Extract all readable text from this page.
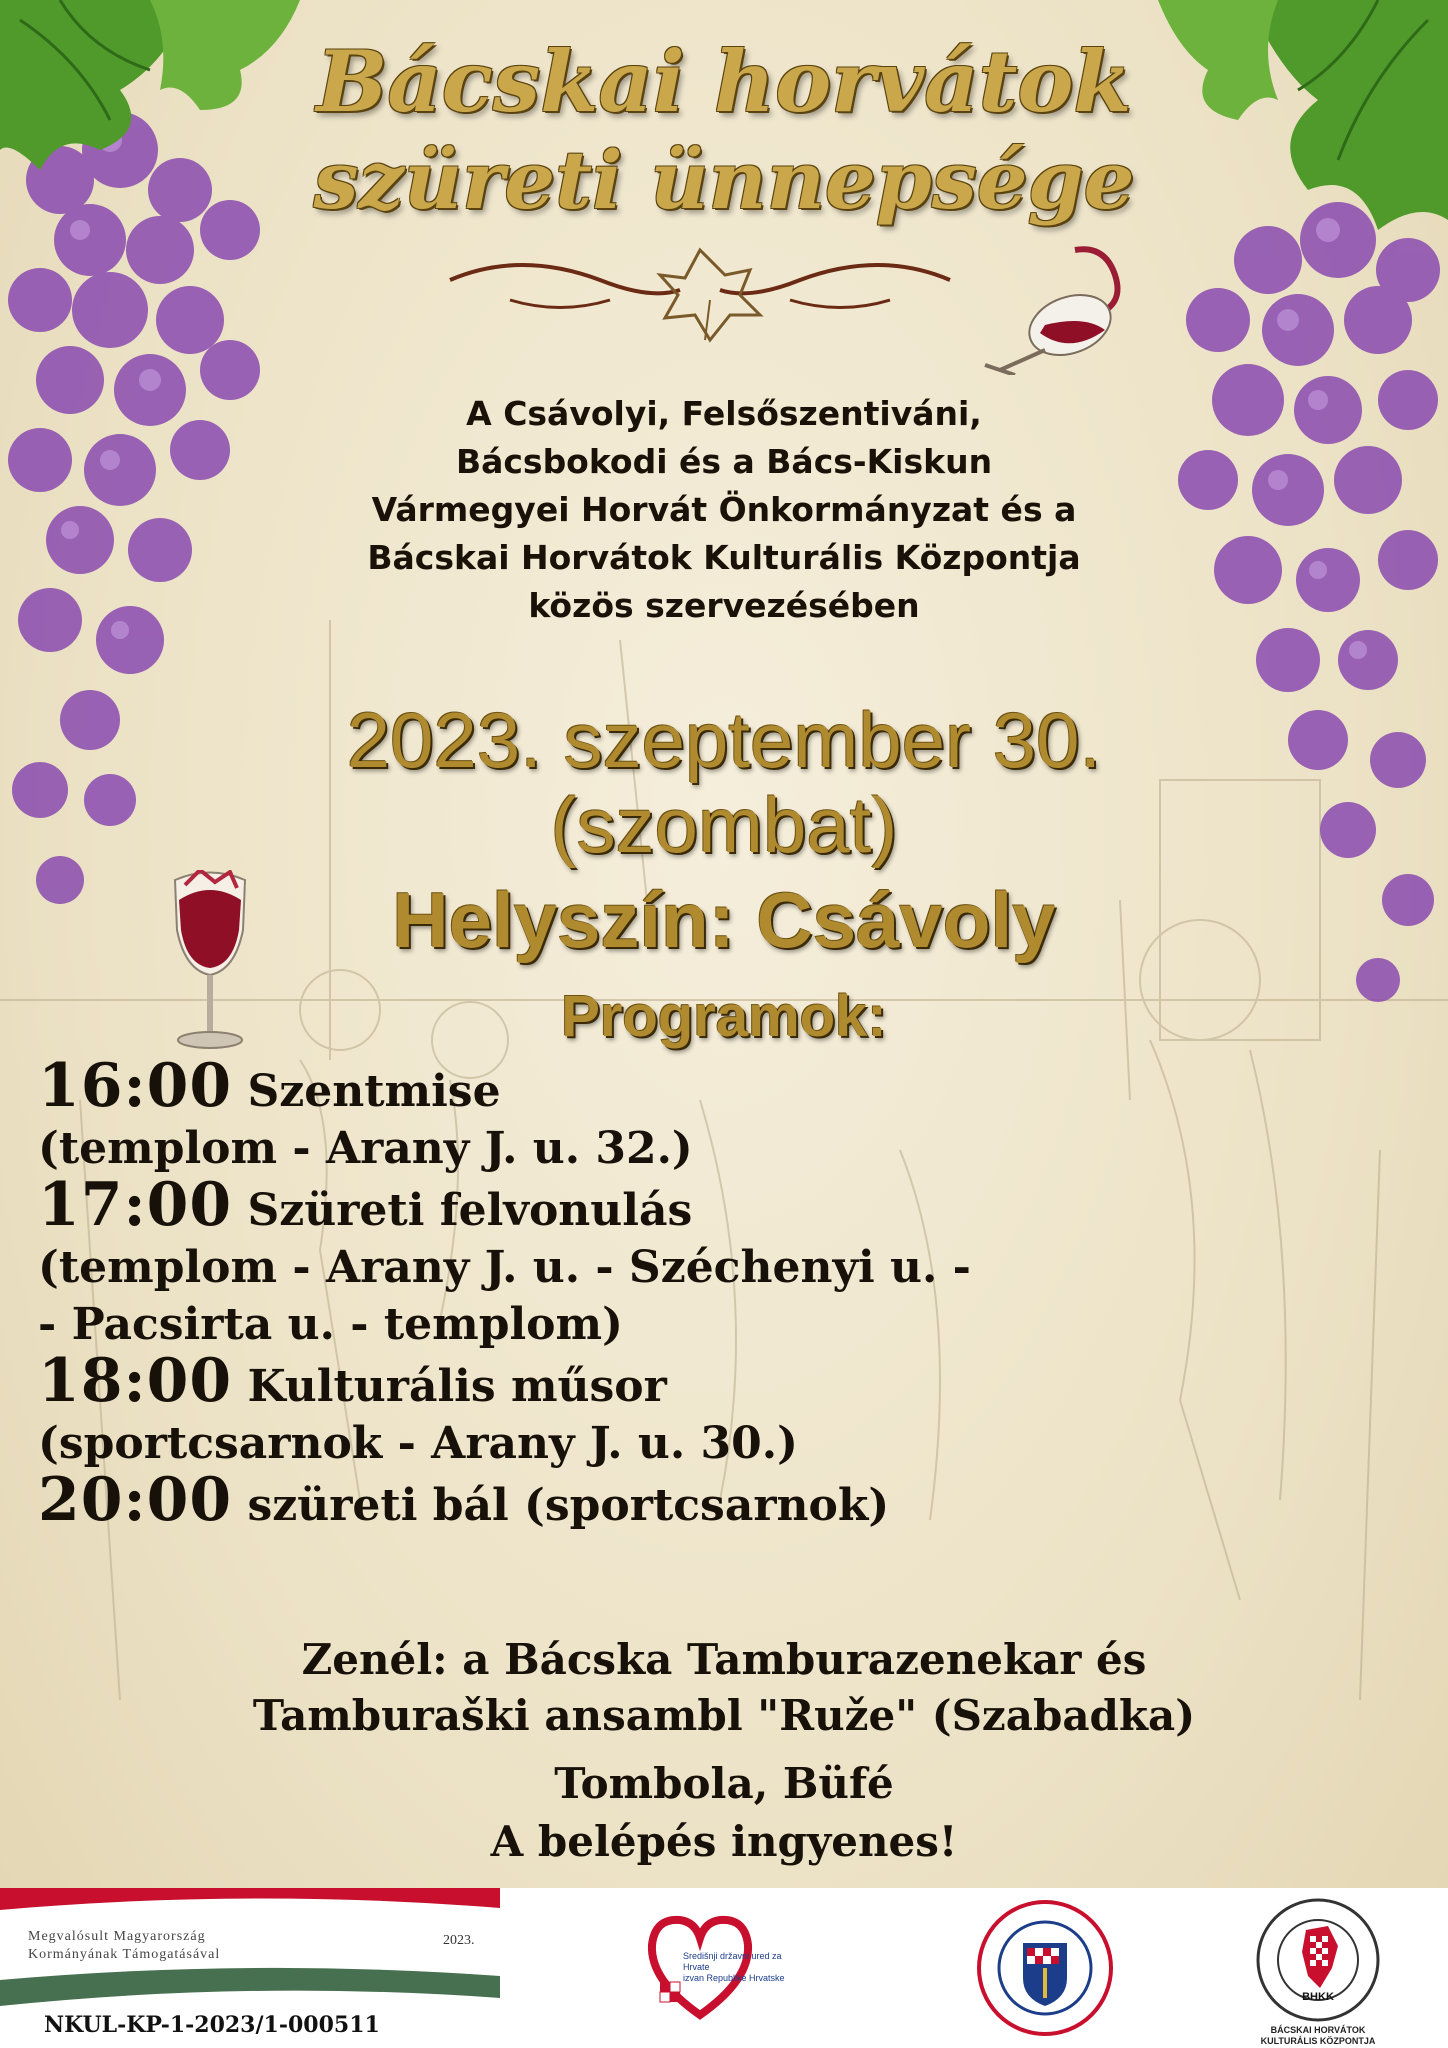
Bácskai horvátok
szüreti ünnepsége
A Csávolyi, Felsőszentiváni,
Bácsbokodi és a Bács-Kiskun
Vármegyei Horvát Önkormányzat és a
Bácskai Horvátok Kulturális Központja
közös szervezésében
2023. szeptember 30.
(szombat)
Helyszín: Csávoly
Programok:

16:00 Szentmise

(templom - Arany J. u. 32.)

17:00 Szüreti felvonulás

(templom - Arany J. u. - Széchenyi u. -

- Pacsirta u. - templom)

18:00 Kulturális műsor

(sportcsarnok - Arany J. u. 30.)

20:00 szüreti bál (sportcsarnok)

Zenél: a Bácska Tamburazenekar és
Tamburaški ansambl "Ruže" (Szabadka)
Tombola, Büfé
A belépés ingyenes!
Megvalósult Magyarország
Kormányának Támogatásával
2023.
NKUL-KP-1-2023/1-000511
Središnji državni ured za Hrvate
izvan Republike Hrvatske
BHKK
BÁCSKAI HORVÁTOK
KULTURÁLIS KÖZPONTJA
